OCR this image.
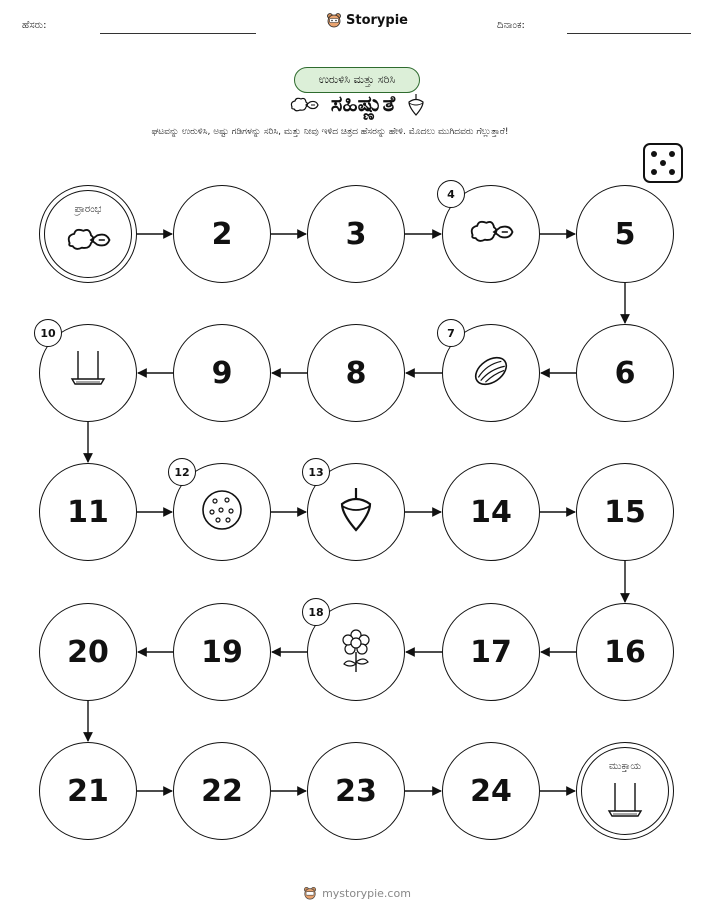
ಹೆಸರು:	Storypie	ದಿನಾಂಕ:
ಉರುಳಿಸಿ ಮತ್ತು ಸರಿಸಿ
ಸಹಿಷ್ಣುತೆ
ಘಟವನ್ನು ಉರುಳಿಸಿ, ಅಷ್ಟು ಗಡಿಗಳನ್ನು ಸರಿಸಿ, ಮತ್ತು ನೀವು ಇಳಿದ ಚಿತ್ರದ ಹೆಸರನ್ನು ಹೇಳಿ. ಮೊದಲು ಮುಗಿದವರು ಗೆಲ್ಲುತ್ತಾರೆ!
ಪ್ರಾರಂಭ
2	3
4
5
6
7
8
9
10
11
12	13
14	15
16
17
18
19
20
21	22	23	24
ಮುಕ್ತಾಯ
mystorypie.com
